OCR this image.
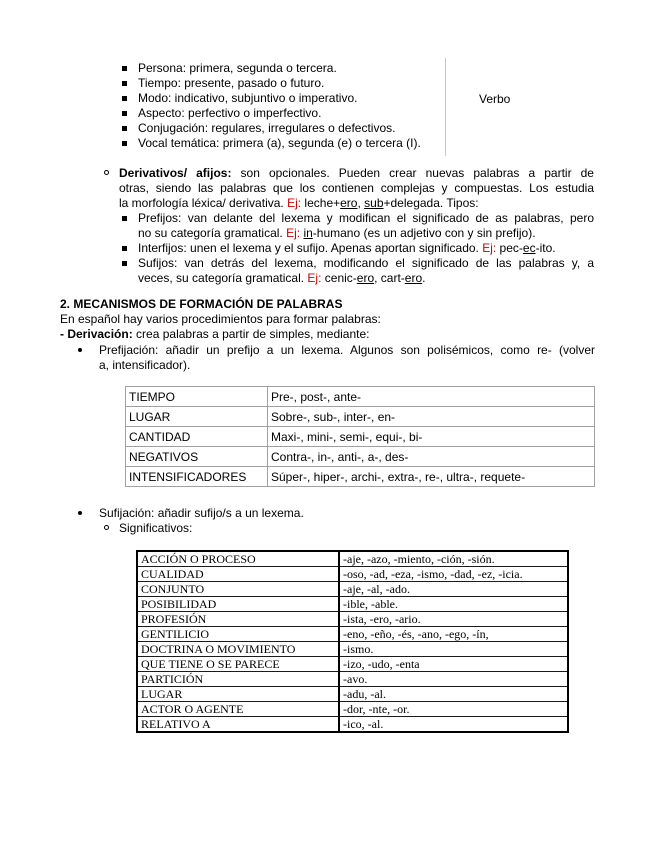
Persona: primera, segunda o tercera.
Tiempo: presente, pasado o futuro.
Modo: indicativo, subjuntivo o imperativo.
Aspecto: perfectivo o imperfectivo.
Conjugación: regulares, irregulares o defectivos.
Vocal temática: primera (a), segunda (e) o tercera (I).
Verbo
Derivativos/ afijos: son opcionales. Pueden crear nuevas palabras a partir de
otras, siendo las palabras que los contienen complejas y compuestas. Los estudia
la morfología léxica/ derivativa. Ej: leche+ero, sub+delegada. Tipos:
Prefijos: van delante del lexema y modifican el significado de as palabras, pero
no su categoría gramatical. Ej: in-humano (es un adjetivo con y sin prefijo).
Interfijos: unen el lexema y el sufijo. Apenas aportan significado. Ej: pec-ec-ito.
Sufijos: van detrás del lexema, modificando el significado de las palabras y, a
veces, su categoría gramatical. Ej: cenic-ero, cart-ero.
2. MECANISMOS DE FORMACIÓN DE PALABRAS
En español hay varios procedimientos para formar palabras:
- Derivación: crea palabras a partir de simples, mediante:
Prefijación: añadir un prefijo a un lexema. Algunos son polisémicos, como re- (volver
a, intensificador).
TIEMPO	Pre-, post-, ante-
LUGAR	Sobre-, sub-, inter-, en-
CANTIDAD	Maxi-, mini-, semi-, equi-, bi-
NEGATIVOS	Contra-, in-, anti-, a-, des-
INTENSIFICADORES	Súper-, hiper-, archi-, extra-, re-, ultra-, requete-
Sufijación: añadir sufijo/s a un lexema.
Significativos:
ACCIÓN O PROCESO	-aje, -azo, -miento, -ción, -sión.
CUALIDAD	-oso, -ad, -eza, -ismo, -dad, -ez, -icia.
CONJUNTO	-aje, -al, -ado.
POSIBILIDAD	-ible, -able.
PROFESIÓN	-ista, -ero, -ario.
GENTILICIO	-eno, -eño, -és, -ano, -ego, -ín,
DOCTRINA O MOVIMIENTO	-ismo.
QUE TIENE O SE PARECE	-izo, -udo, -enta
PARTICIÓN	-avo.
LUGAR	-adu, -al.
ACTOR O AGENTE	-dor, -nte, -or.
RELATIVO A	-ico, -al.
